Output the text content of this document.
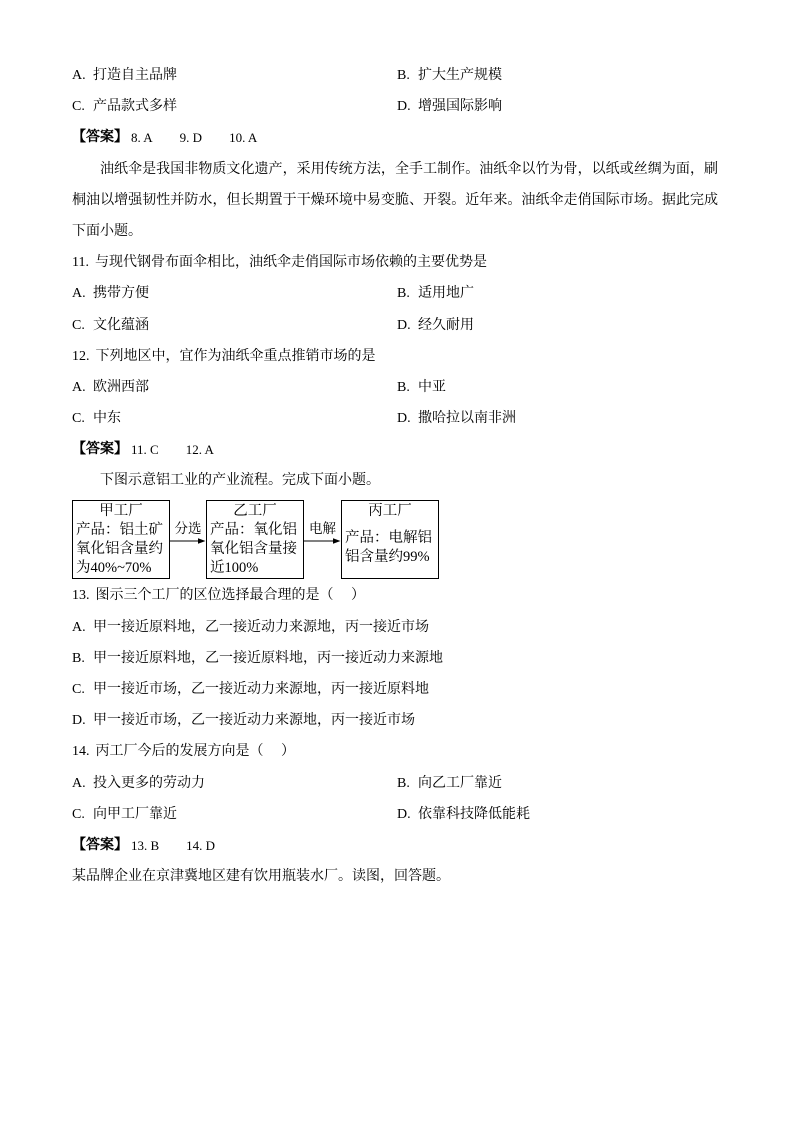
A. 打造自主品牌	B. 扩大生产规模
C. 产品款式多样	D. 增强国际影响
【答案】 8. A 9. D 10. A
油纸伞是我国非物质文化遗产，采用传统方法，全手工制作。油纸伞以竹为骨，以纸或丝绸为面，刷桐油以增强韧性并防水，但长期置于干燥环境中易变脆、开裂。近年来。油纸伞走俏国际市场。据此完成下面小题。
11. 与现代钢骨布面伞相比，油纸伞走俏国际市场依赖的主要优势是
A. 携带方便	B. 适用地广
C. 文化蕴涵	D. 经久耐用
12. 下列地区中，宜作为油纸伞重点推销市场的是
A. 欧洲西部	B. 中亚
C. 中东	D. 撒哈拉以南非洲
【答案】 11. C 12. A
下图示意铝工业的产业流程。完成下面小题。
甲工厂
产品：铝土矿
氧化铝含量约
为40%~70%
分选
乙工厂
产品：氧化铝
氧化铝含量接
近100%
电解
丙工厂
产品：电解铝
铝含量约99%
13. 图示三个工厂的区位选择最合理的是（     ）
A. 甲一接近原料地，乙一接近动力来源地，丙一接近市场
B. 甲一接近原料地，乙一接近原料地，丙一接近动力来源地
C. 甲一接近市场，乙一接近动力来源地，丙一接近原料地
D. 甲一接近市场，乙一接近动力来源地，丙一接近市场
14. 丙工厂今后的发展方向是（     ）
A. 投入更多的劳动力	B. 向乙工厂靠近
C. 向甲工厂靠近	D. 依靠科技降低能耗
【答案】 13. B 14. D
某品牌企业在京津冀地区建有饮用瓶装水厂。读图，回答题。
